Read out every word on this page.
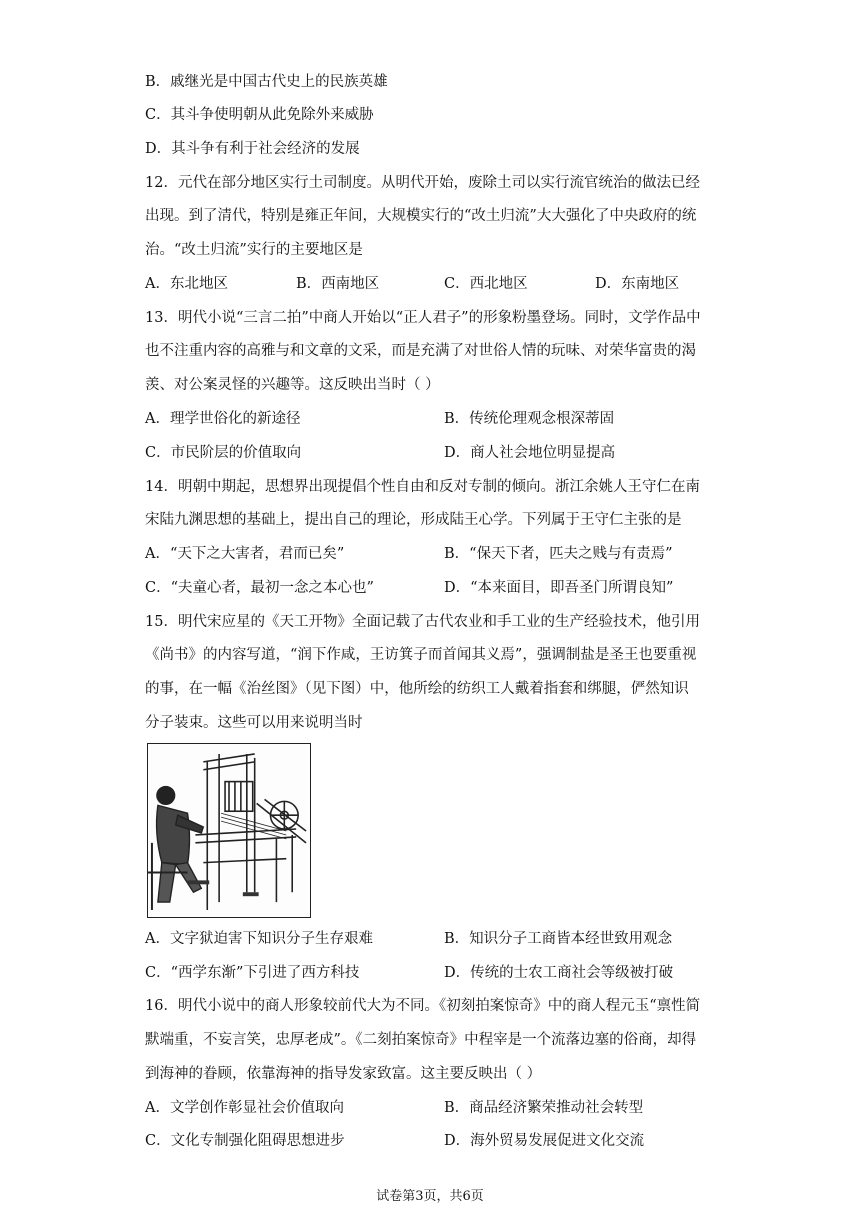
B．戚继光是中国古代史上的民族英雄
C．其斗争使明朝从此免除外来威胁
D．其斗争有利于社会经济的发展
12．元代在部分地区实行土司制度。从明代开始，废除土司以实行流官统治的做法已经
出现。到了清代，特别是雍正年间，大规模实行的“改土归流”大大强化了中央政府的统
治。“改土归流”实行的主要地区是
A．东北地区	B．西南地区	C．西北地区	D．东南地区
13．明代小说“三言二拍”中商人开始以“正人君子”的形象粉墨登场。同时，文学作品中
也不注重内容的高雅与和文章的文采，而是充满了对世俗人情的玩味、对荣华富贵的渴
羡、对公案灵怪的兴趣等。这反映出当时（ ）
A．理学世俗化的新途径	B．传统伦理观念根深蒂固
C．市民阶层的价值取向	D．商人社会地位明显提高
14．明朝中期起，思想界出现提倡个性自由和反对专制的倾向。浙江余姚人王守仁在南
宋陆九渊思想的基础上，提出自己的理论，形成陆王心学。下列属于王守仁主张的是
A．“天下之大害者，君而已矣”	B．“保天下者，匹夫之贱与有责焉”
C．“夫童心者，最初一念之本心也”	D．“本来面目，即吾圣门所谓良知”
15．明代宋应星的《天工开物》全面记载了古代农业和手工业的生产经验技术，他引用
《尚书》的内容写道，“润下作咸，王访箕子而首闻其义焉”，强调制盐是圣王也要重视
的事，在一幅《治丝图》（见下图）中，他所绘的纺织工人戴着指套和绑腿，俨然知识
分子装束。这些可以用来说明当时
A．文字狱迫害下知识分子生存艰难	B．知识分子工商皆本经世致用观念
C．“西学东渐”下引进了西方科技	D．传统的士农工商社会等级被打破
16．明代小说中的商人形象较前代大为不同。《初刻拍案惊奇》中的商人程元玉“禀性简
默端重，不妄言笑，忠厚老成”。《二刻拍案惊奇》中程宰是一个流落边塞的俗商，却得
到海神的眷顾，依靠海神的指导发家致富。这主要反映出（ ）
A．文学创作彰显社会价值取向	B．商品经济繁荣推动社会转型
C．文化专制强化阻碍思想进步	D．海外贸易发展促进文化交流
试卷第3页，共6页
